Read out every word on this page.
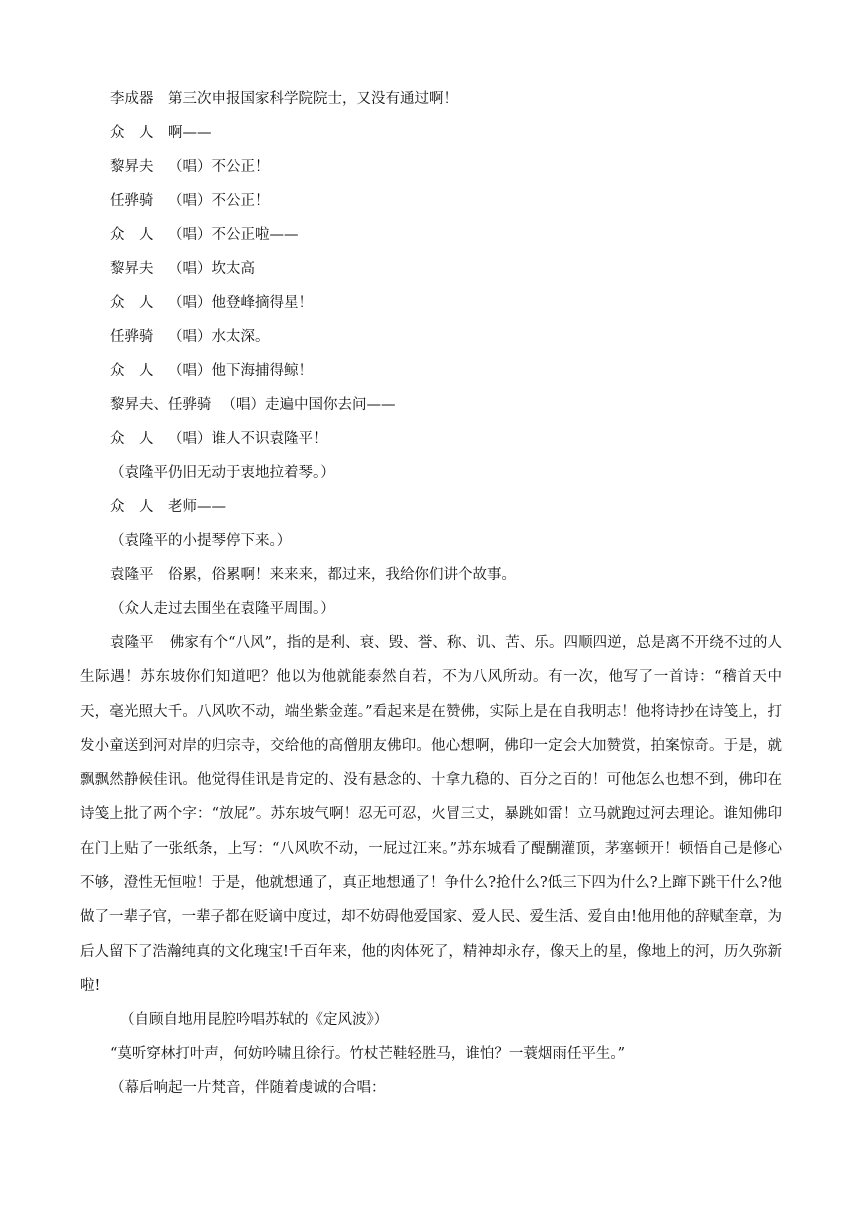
李成器 第三次申报国家科学院院士，又没有通过啊！
众　人 啊——
黎昇夫 （唱）不公正！
任骅骑 （唱）不公正！
众　人 （唱）不公正啦——
黎昇夫 （唱）坎太高
众　人 （唱）他登峰摘得星！
任骅骑 （唱）水太深。
众　人 （唱）他下海捕得鲸！
黎昇夫、任骅骑 （唱）走遍中国你去问——
众　人 （唱）谁人不识袁隆平！
（袁隆平仍旧无动于衷地拉着琴。）
众　人 老师——
（袁隆平的小提琴停下来。）
袁隆平 俗累，俗累啊！来来来，都过来，我给你们讲个故事。
（众人走过去围坐在袁隆平周围。）

袁隆平 佛家有个“八风”，指的是利、衰、毁、誉、称、讥、苦、乐。四顺四逆，总是离不开绕不过的人生际遇！苏东坡你们知道吧？他以为他就能泰然自若，不为八风所动。有一次，他写了一首诗：“稽首天中天，毫光照大千。八风吹不动，端坐紫金莲。”看起来是在赞佛，实际上是在自我明志！他将诗抄在诗笺上，打发小童送到河对岸的归宗寺，交给他的高僧朋友佛印。他心想啊，佛印一定会大加赞赏，拍案惊奇。于是，就飘飘然静候佳讯。他觉得佳讯是肯定的、没有悬念的、十拿九稳的、百分之百的！可他怎么也想不到，佛印在诗笺上批了两个字：“放屁”。苏东坡气啊！忍无可忍，火冒三丈，暴跳如雷！立马就跑过河去理论。谁知佛印在门上贴了一张纸条，上写：“八风吹不动，一屁过江来。”苏东城看了醍醐灌顶，茅塞顿开！顿悟自己是修心不够，澄性无恒啦！于是，他就想通了，真正地想通了！争什么?抢什么?低三下四为什么?上蹿下跳干什么?他做了一辈子官，一辈子都在贬谪中度过，却不妨碍他爱国家、爱人民、爱生活、爱自由!他用他的辞赋奎章，为后人留下了浩瀚纯真的文化瑰宝!千百年来，他的肉体死了，精神却永存，像天上的星，像地上的河，历久弥新啦!

（自顾自地用昆腔吟唱苏轼的《定风波》）
“莫听穿林打叶声，何妨吟啸且徐行。竹杖芒鞋轻胜马，谁怕？一蓑烟雨任平生。”
（幕后响起一片梵音，伴随着虔诚的合唱：
